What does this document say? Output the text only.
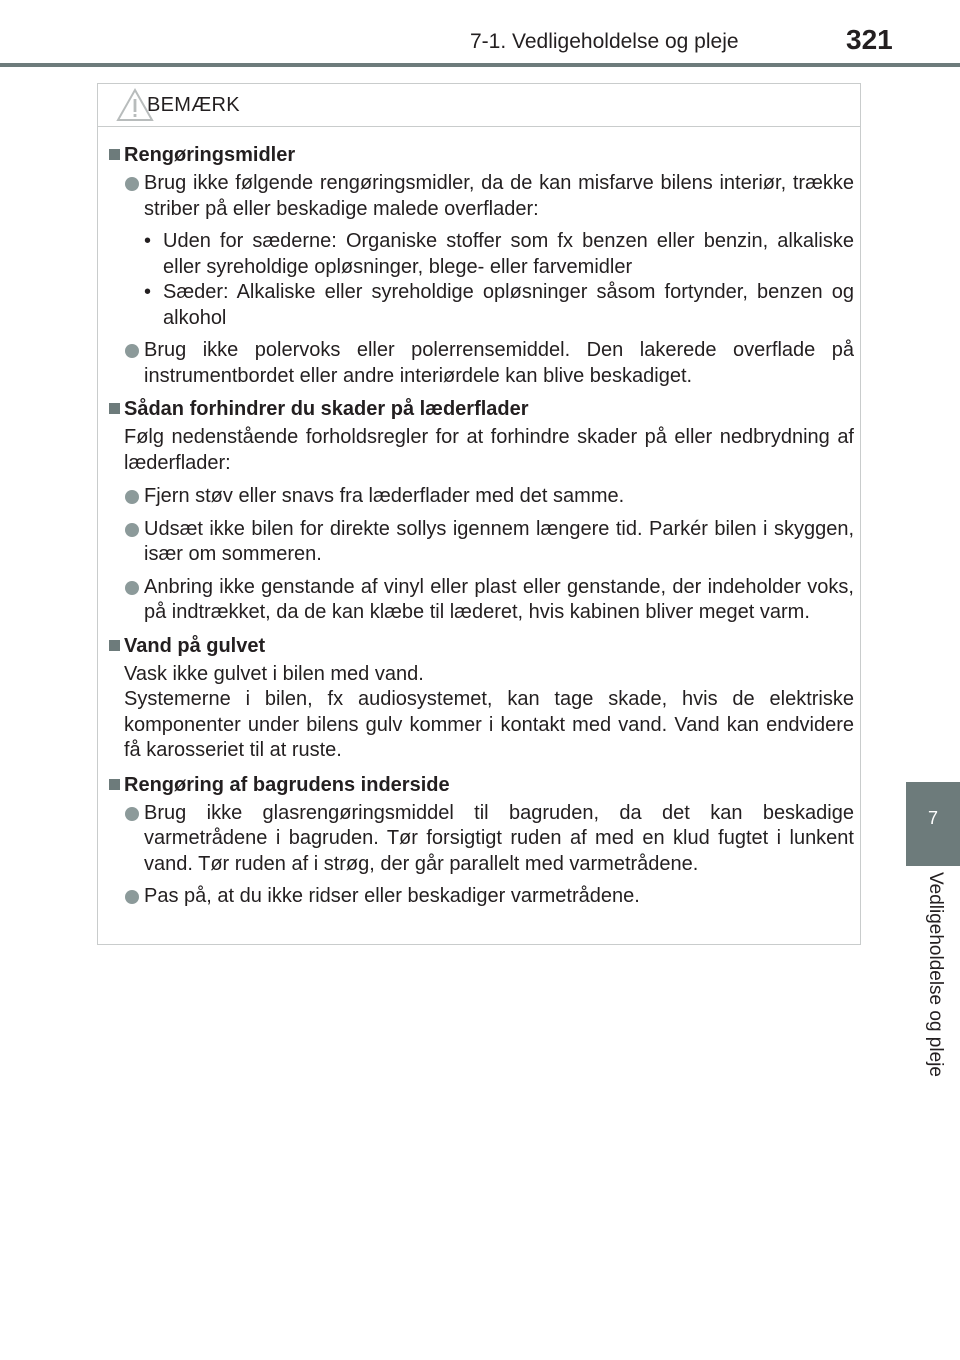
7-1. Vedligeholdelse og pleje	321
7
Vedligeholdelse og pleje
BEMÆRK
Rengøringsmidler
Brug ikke følgende rengøringsmidler, da de kan misfarve bilens interiør, trække striber på eller beskadige malede overflader:
• Uden for sæderne: Organiske stoffer som fx benzen eller benzin, alkaliske eller syreholdige opløsninger, blege- eller farvemidler
• Sæder: Alkaliske eller syreholdige opløsninger såsom fortynder, benzen og alkohol
Brug ikke polervoks eller polerrensemiddel. Den lakerede overflade på instrumentbordet eller andre interiørdele kan blive beskadiget.
Sådan forhindrer du skader på læderflader
Følg nedenstående forholdsregler for at forhindre skader på eller nedbrydning af læderflader:
Fjern støv eller snavs fra læderflader med det samme.
Udsæt ikke bilen for direkte sollys igennem længere tid. Parkér bilen i skyggen, især om sommeren.
Anbring ikke genstande af vinyl eller plast eller genstande, der indeholder voks, på indtrækket, da de kan klæbe til læderet, hvis kabinen bliver meget varm.
Vand på gulvet
Vask ikke gulvet i bilen med vand.
Systemerne i bilen, fx audiosystemet, kan tage skade, hvis de elektriske komponenter under bilens gulv kommer i kontakt med vand. Vand kan endvidere få karosseriet til at ruste.
Rengøring af bagrudens inderside
Brug ikke glasrengøringsmiddel til bagruden, da det kan beskadige varmetrådene i bagruden. Tør forsigtigt ruden af med en klud fugtet i lunkent vand. Tør ruden af i strøg, der går parallelt med varmetrådene.
Pas på, at du ikke ridser eller beskadiger varmetrådene.
